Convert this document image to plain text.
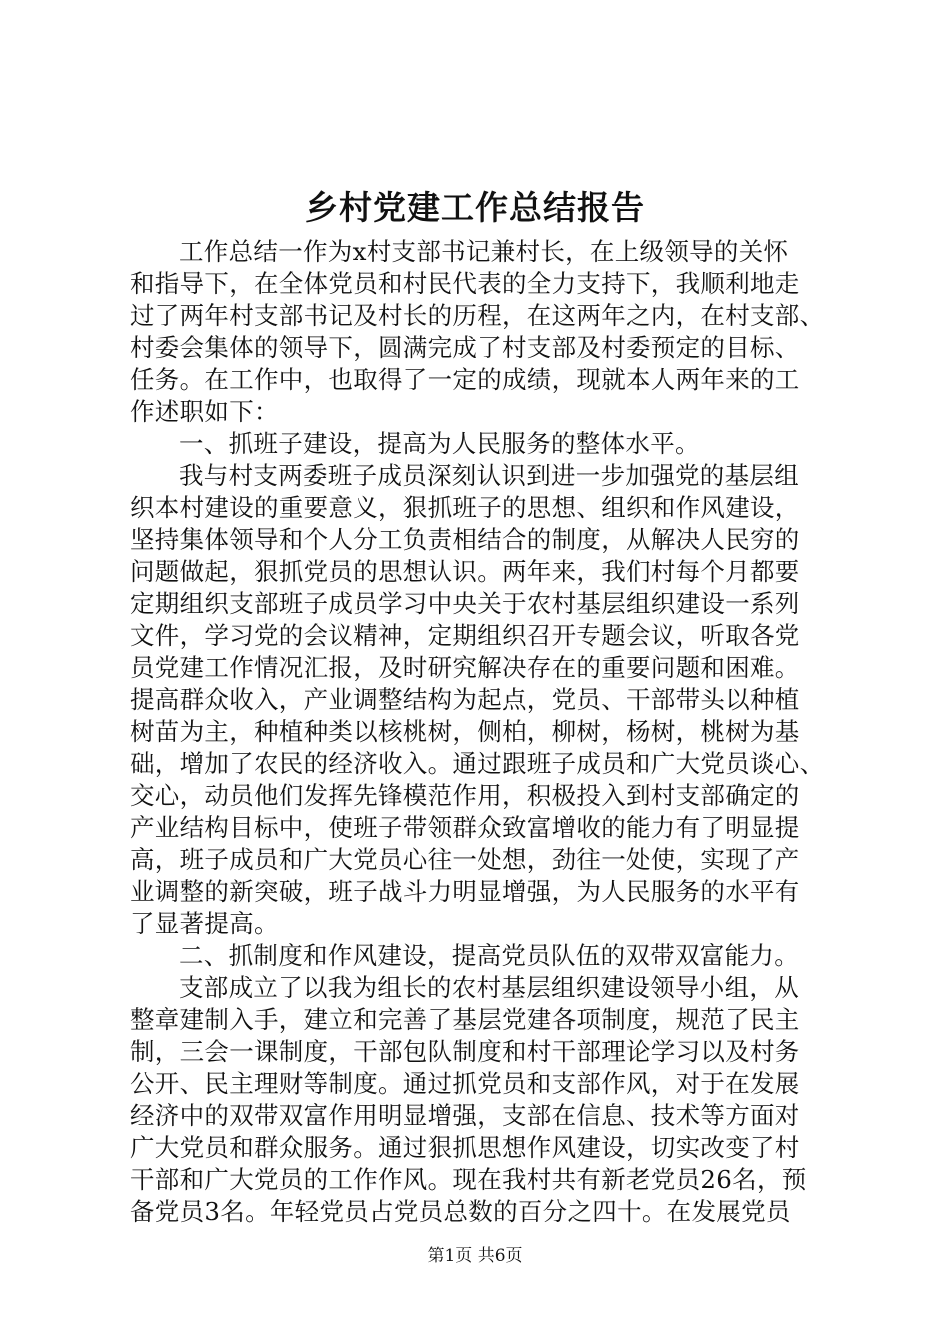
乡村党建工作总结报告
工作总结一作为x村支部书记兼村长，在上级领导的关怀
和指导下，在全体党员和村民代表的全力支持下，我顺利地走
过了两年村支部书记及村长的历程，在这两年之内，在村支部、
村委会集体的领导下，圆满完成了村支部及村委预定的目标、
任务。在工作中，也取得了一定的成绩，现就本人两年来的工
作述职如下：
一、抓班子建设，提高为人民服务的整体水平。
我与村支两委班子成员深刻认识到进一步加强党的基层组
织本村建设的重要意义，狠抓班子的思想、组织和作风建设，
坚持集体领导和个人分工负责相结合的制度，从解决人民穷的
问题做起，狠抓党员的思想认识。两年来，我们村每个月都要
定期组织支部班子成员学习中央关于农村基层组织建设一系列
文件，学习党的会议精神，定期组织召开专题会议，听取各党
员党建工作情况汇报，及时研究解决存在的重要问题和困难。
提高群众收入，产业调整结构为起点，党员、干部带头以种植
树苗为主，种植种类以核桃树，侧柏，柳树，杨树，桃树为基
础，增加了农民的经济收入。通过跟班子成员和广大党员谈心、
交心，动员他们发挥先锋模范作用，积极投入到村支部确定的
产业结构目标中，使班子带领群众致富增收的能力有了明显提
高，班子成员和广大党员心往一处想，劲往一处使，实现了产
业调整的新突破，班子战斗力明显增强，为人民服务的水平有
了显著提高。
二、抓制度和作风建设，提高党员队伍的双带双富能力。
支部成立了以我为组长的农村基层组织建设领导小组，从
整章建制入手，建立和完善了基层党建各项制度，规范了民主
制，三会一课制度，干部包队制度和村干部理论学习以及村务
公开、民主理财等制度。通过抓党员和支部作风，对于在发展
经济中的双带双富作用明显增强，支部在信息、技术等方面对
广大党员和群众服务。通过狠抓思想作风建设，切实改变了村
干部和广大党员的工作作风。现在我村共有新老党员26名，预
备党员3名。年轻党员占党员总数的百分之四十。在发展党员
第1页 共6页
